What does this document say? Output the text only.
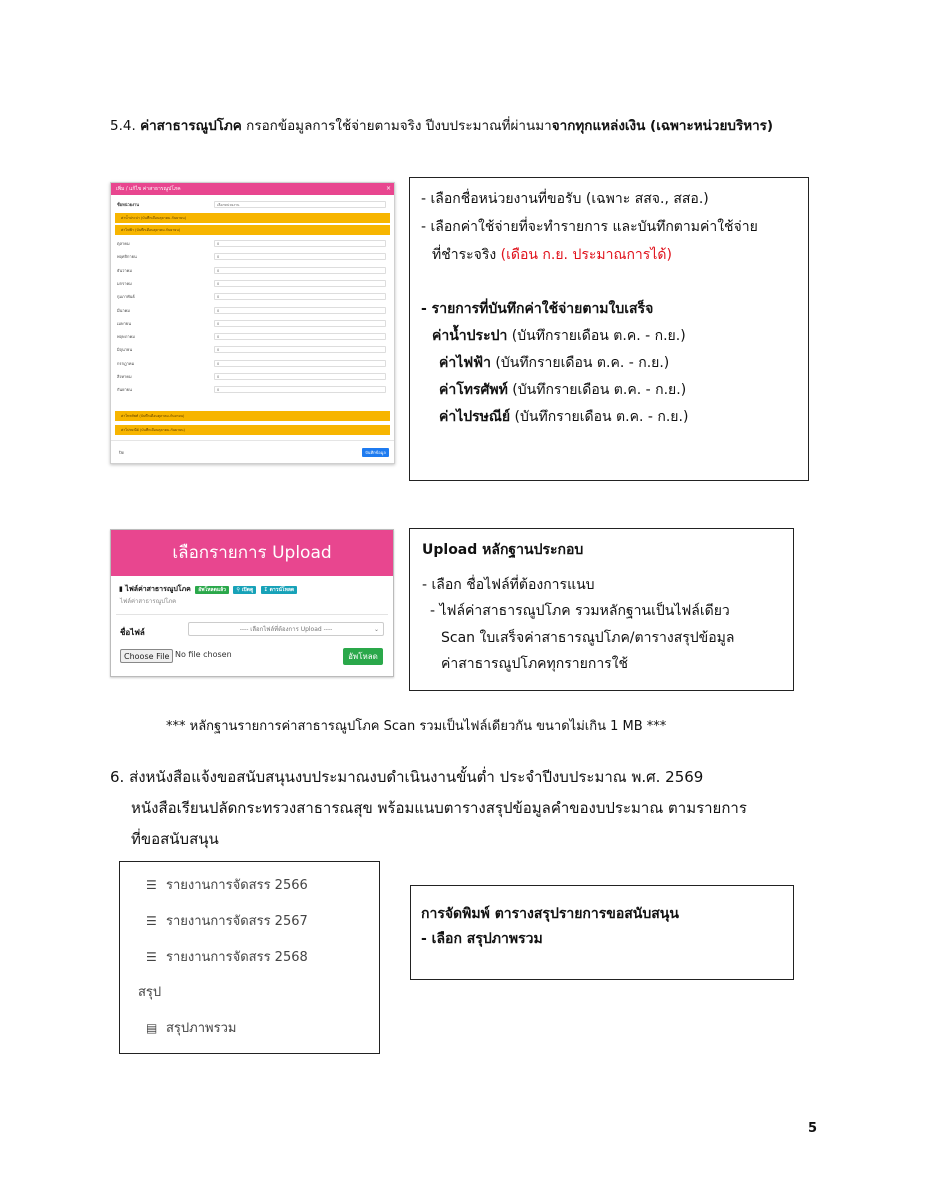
5.4. ค่าสาธารณูปโภค กรอกข้อมูลการใช้จ่ายตามจริง ปีงบประมาณที่ผ่านมาจากทุกแหล่งเงิน (เฉพาะหน่วยบริหาร)
เพิ่ม / แก้ไข ค่าสาธารณูปโภค	×
ชื่อหน่วยงาน	เลือกหน่วยงาน
ค่าน้ำประปา (บันทึกเดือนตุลาคม-กันยายน)
ค่าไฟฟ้า (บันทึกเดือนตุลาคม-กันยายน)
ตุลาคม	0
พฤศจิกายน	0
ธันวาคม	0
มกราคม	0
กุมภาพันธ์	0
มีนาคม	0
เมษายน	0
พฤษภาคม	0
มิถุนายน	0
กรกฎาคม	0
สิงหาคม	0
กันยายน	0
ค่าโทรศัพท์ (บันทึกเดือนตุลาคม-กันยายน)
ค่าไปรษณีย์ (บันทึกเดือนตุลาคม-กันยายน)
ปิด	บันทึกข้อมูล
- เลือกชื่อหน่วยงานที่ขอรับ (เฉพาะ สสจ., สสอ.)
- เลือกค่าใช้จ่ายที่จะทำรายการ และบันทึกตามค่าใช้จ่าย
ที่ชำระจริง (เดือน ก.ย. ประมาณการได้)
- รายการที่บันทึกค่าใช้จ่ายตามใบเสร็จ
ค่าน้ำประปา (บันทึกรายเดือน ต.ค. - ก.ย.)
ค่าไฟฟ้า (บันทึกรายเดือน ต.ค. - ก.ย.)
ค่าโทรศัพท์ (บันทึกรายเดือน ต.ค. - ก.ย.)
ค่าไปรษณีย์ (บันทึกรายเดือน ต.ค. - ก.ย.)
เลือกรายการ Upload
▮ ไฟล์ค่าสาธารณูปโภค อัพโหลดแล้ว ⚲ เปิดดู ↧ ดาวน์โหลด
ไฟล์ค่าสาธารณูปโภค
ชื่อไฟล์	---- เลือกไฟล์ที่ต้องการ Upload ----	⌄
Choose File No file chosen	อัพโหลด
Upload หลักฐานประกอบ
- เลือก ชื่อไฟล์ที่ต้องการแนบ
- ไฟล์ค่าสาธารณูปโภค รวมหลักฐานเป็นไฟล์เดียว
Scan ใบเสร็จค่าสาธารณูปโภค/ตารางสรุปข้อมูล
ค่าสาธารณูปโภคทุกรายการใช้
*** หลักฐานรายการค่าสาธารณูปโภค Scan รวมเป็นไฟล์เดียวกัน ขนาดไม่เกิน 1 MB ***
6. ส่งหนังสือแจ้งขอสนับสนุนงบประมาณงบดำเนินงานขั้นต่ำ ประจำปีงบประมาณ พ.ศ. 2569
หนังสือเรียนปลัดกระทรวงสาธารณสุข พร้อมแนบตารางสรุปข้อมูลคำของบประมาณ ตามรายการ
ที่ขอสนับสนุน
☰ รายงานการจัดสรร 2566
☰ รายงานการจัดสรร 2567
☰ รายงานการจัดสรร 2568
สรุป
▤ สรุปภาพรวม
การจัดพิมพ์ ตารางสรุปรายการขอสนับสนุน
- เลือก สรุปภาพรวม
5
